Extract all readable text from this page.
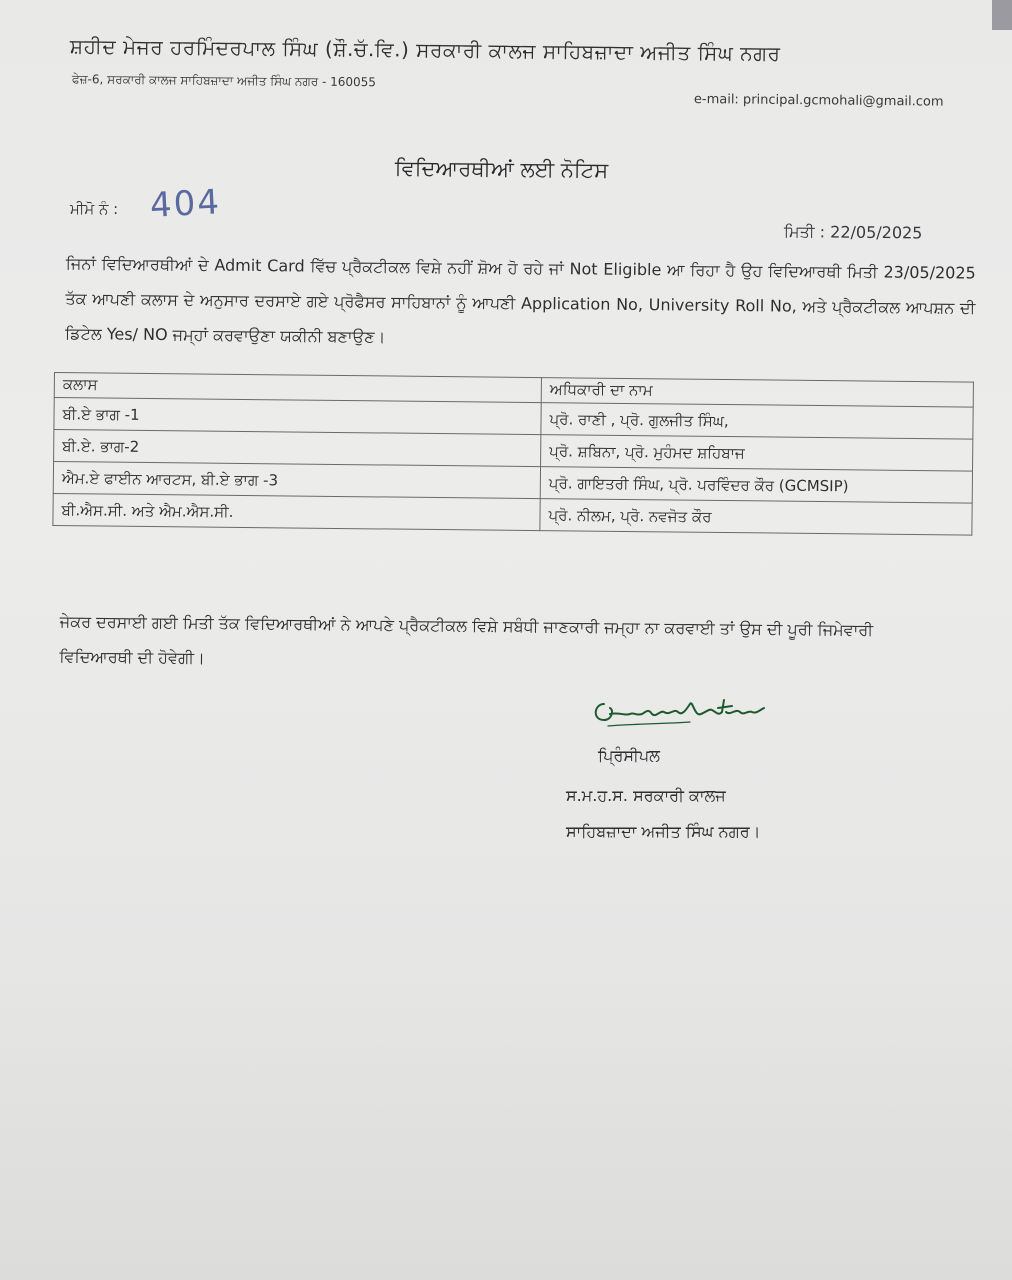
ਸ਼ਹੀਦ ਮੇਜਰ ਹਰਮਿੰਦਰਪਾਲ ਸਿੰਘ (ਸ਼ੌ.ਚੱ.ਵਿ.) ਸਰਕਾਰੀ ਕਾਲਜ ਸਾਹਿਬਜ਼ਾਦਾ ਅਜੀਤ ਸਿੰਘ ਨਗਰ
ਫੇਜ਼-6, ਸਰਕਾਰੀ ਕਾਲਜ ਸਾਹਿਬਜ਼ਾਦਾ ਅਜੀਤ ਸਿੰਘ ਨਗਰ - 160055
e-mail: principal.gcmohali@gmail.com
ਵਿਦਿਆਰਥੀਆਂ ਲਈ ਨੋਟਿਸ
ਮੀਮੋ ਨੰ : 404
ਮਿਤੀ : 22/05/2025
ਜਿਨਾਂ ਵਿਦਿਆਰਥੀਆਂ ਦੇ Admit Card ਵਿੱਚ ਪ੍ਰੈਕਟੀਕਲ ਵਿਸ਼ੇ ਨਹੀਂ ਸ਼ੋਅ ਹੋ ਰਹੇ ਜਾਂ Not Eligible ਆ ਰਿਹਾ ਹੈ ਉਹ ਵਿਦਿਆਰਥੀ ਮਿਤੀ 23/05/2025 ਤੱਕ ਆਪਣੀ ਕਲਾਸ ਦੇ ਅਨੁਸਾਰ ਦਰਸਾਏ ਗਏ ਪ੍ਰੋਫੈਸਰ ਸਾਹਿਬਾਨਾਂ ਨੂੰ ਆਪਣੀ Application No, University Roll No, ਅਤੇ ਪ੍ਰੈਕਟੀਕਲ ਆਪਸ਼ਨ ਦੀ ਡਿਟੇਲ Yes/ NO ਜਮ੍ਹਾਂ ਕਰਵਾਉਣਾ ਯਕੀਨੀ ਬਣਾਉਣ।
ਕਲਾਸ	ਅਧਿਕਾਰੀ ਦਾ ਨਾਮ
ਬੀ.ਏ ਭਾਗ -1	ਪ੍ਰੋ. ਰਾਣੀ , ਪ੍ਰੋ. ਗੁਲਜੀਤ ਸਿੰਘ,
ਬੀ.ਏ. ਭਾਗ-2	ਪ੍ਰੋ. ਸ਼ਬਿਨਾ, ਪ੍ਰੋ. ਮੁਹੰਮਦ ਸ਼ਹਿਬਾਜ
ਐਮ.ਏ ਫਾਈਨ ਆਰਟਸ, ਬੀ.ਏ ਭਾਗ -3	ਪ੍ਰੋ. ਗਾਇਤਰੀ ਸਿੰਘ, ਪ੍ਰੋ. ਪਰਵਿੰਦਰ ਕੌਰ (GCMSIP)
ਬੀ.ਐਸ.ਸੀ. ਅਤੇ ਐਮ.ਐਸ.ਸੀ.	ਪ੍ਰੋ. ਨੀਲਮ, ਪ੍ਰੋ. ਨਵਜੋਤ ਕੌਰ
ਜੇਕਰ ਦਰਸਾਈ ਗਈ ਮਿਤੀ ਤੱਕ ਵਿਦਿਆਰਥੀਆਂ ਨੇ ਆਪਣੇ ਪ੍ਰੈਕਟੀਕਲ ਵਿਸ਼ੇ ਸਬੰਧੀ ਜਾਣਕਾਰੀ ਜਮ੍ਹਾ ਨਾ ਕਰਵਾਈ ਤਾਂ ਉਸ ਦੀ ਪੂਰੀ ਜਿਮੇਵਾਰੀ ਵਿਦਿਆਰਥੀ ਦੀ ਹੋਵੇਗੀ।
ਪ੍ਰਿੰਸੀਪਲ
ਸ.ਮ.ਹ.ਸ. ਸਰਕਾਰੀ ਕਾਲਜ
ਸਾਹਿਬਜ਼ਾਦਾ ਅਜੀਤ ਸਿੰਘ ਨਗਰ।
